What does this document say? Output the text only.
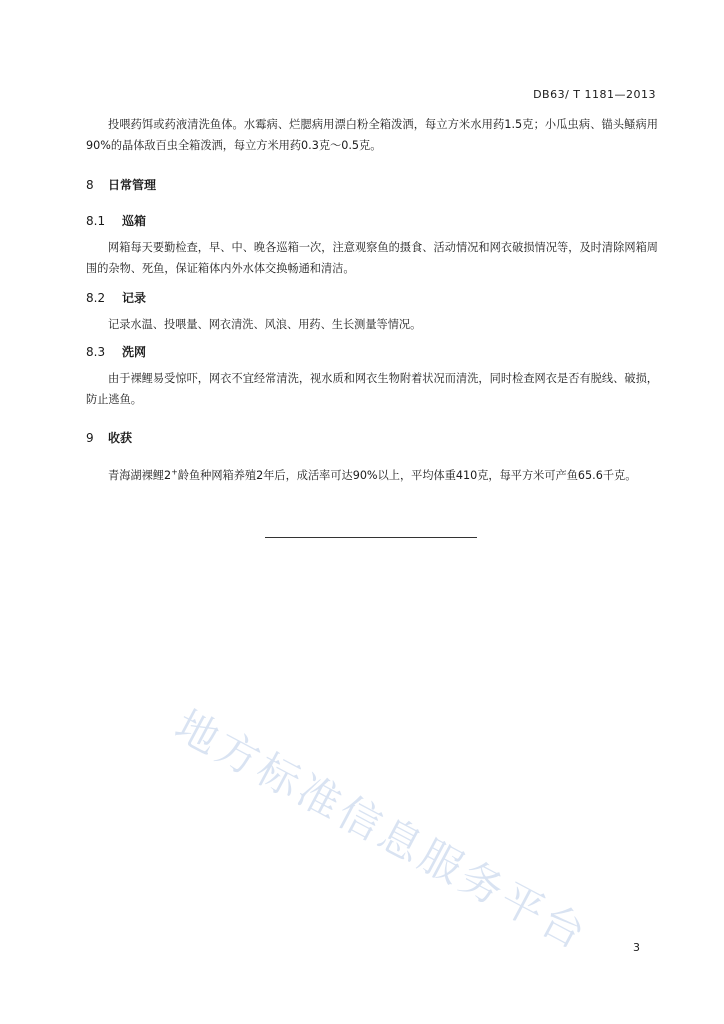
DB63/ T 1181—2013

投喂药饵或药液清洗鱼体。水霉病、烂腮病用漂白粉全箱泼洒，每立方米水用药1.5克；小瓜虫病、锚头鳋病用90%的晶体敌百虫全箱泼洒，每立方米用药0.3克～0.5克。

8 日常管理
8.1 巡箱

网箱每天要勤检查，早、中、晚各巡箱一次，注意观察鱼的摄食、活动情况和网衣破损情况等，及时清除网箱周围的杂物、死鱼，保证箱体内外水体交换畅通和清洁。

8.2 记录

记录水温、投喂量、网衣清洗、风浪、用药、生长测量等情况。

8.3 洗网

由于裸鲤易受惊吓，网衣不宜经常清洗，视水质和网衣生物附着状况而清洗，同时检查网衣是否有脱线、破损，防止逃鱼。

9 收获

青海湖裸鲤2+龄鱼种网箱养殖2年后，成活率可达90%以上，平均体重410克，每平方米可产鱼65.6千克。

地方标准信息服务平台	3
